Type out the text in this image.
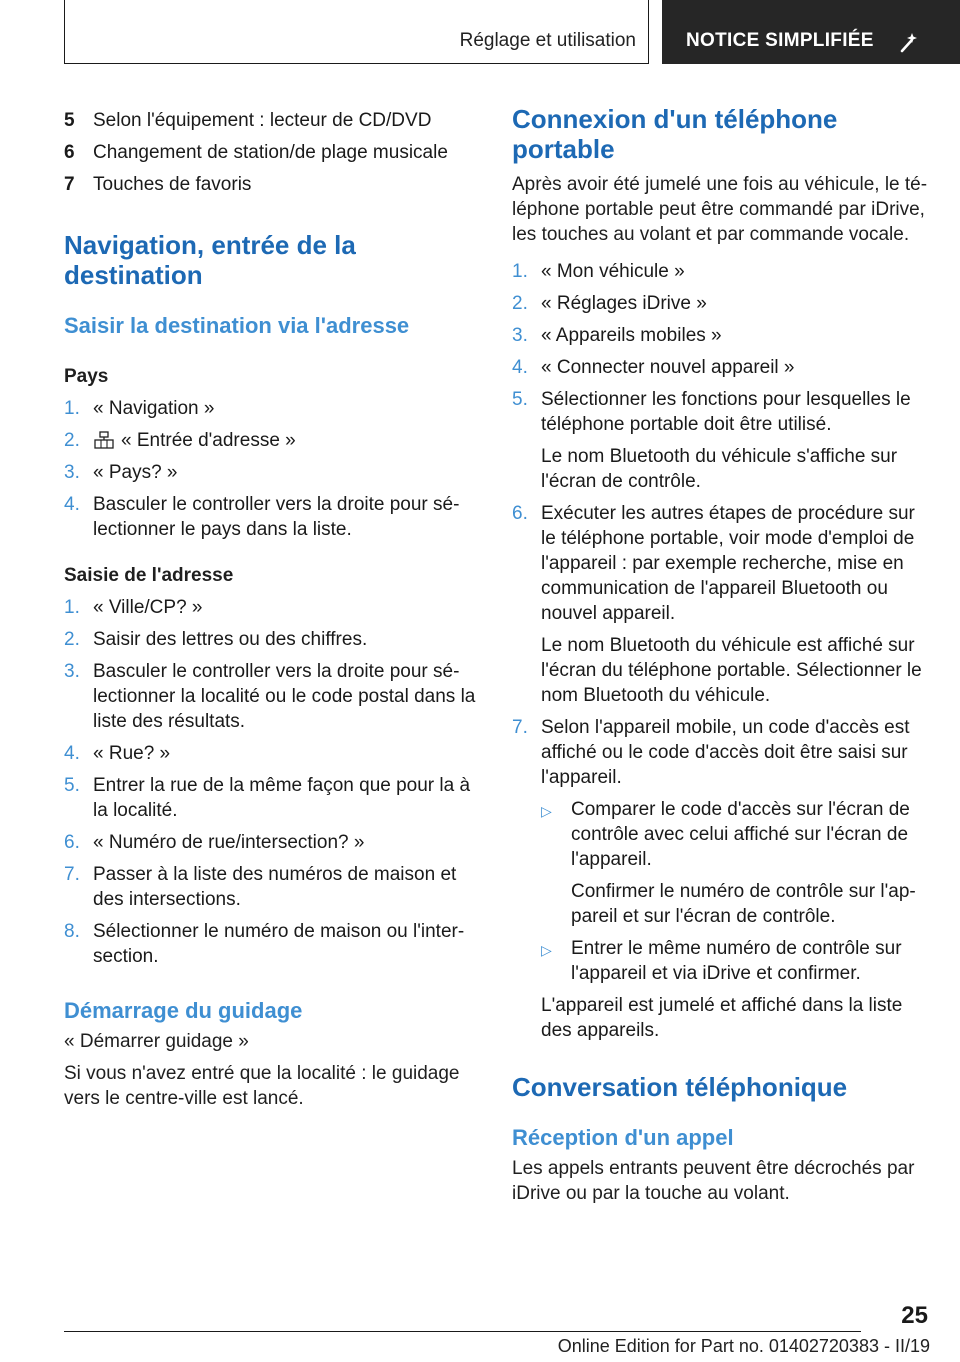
Réglage et utilisation	NOTICE SIMPLIFIÉE
5 Selon l'équipement : lecteur de CD/DVD
6 Changement de station/de plage musicale
7 Touches de favoris
Navigation, entrée de la destination
Saisir la destination via l'adresse
Pays
1. « Navigation »
2.	« Entrée d'adresse »
3. « Pays? »
4. Basculer le controller vers la droite pour sélectionner le pays dans la liste.
Saisie de l'adresse
1. « Ville/CP? »
2. Saisir des lettres ou des chiffres.
3. Basculer le controller vers la droite pour sélectionner la localité ou le code postal dans la liste des résultats.
4. « Rue? »
5. Entrer la rue de la même façon que pour la à la localité.
6. « Numéro de rue/intersection? »
7. Passer à la liste des numéros de maison et des intersections.
8. Sélectionner le numéro de maison ou l'intersection.
Démarrage du guidage
« Démarrer guidage »
Si vous n'avez entré que la localité : le guidage vers le centre-ville est lancé.
Connexion d'un téléphone portable
Après avoir été jumelé une fois au véhicule, le téléphone portable peut être commandé par iDrive, les touches au volant et par commande vocale.
1. « Mon véhicule »
2. « Réglages iDrive »
3. « Appareils mobiles »
4. « Connecter nouvel appareil »
5. Sélectionner les fonctions pour lesquelles le téléphone portable doit être utilisé.
Le nom Bluetooth du véhicule s'affiche sur l'écran de contrôle.
6. Exécuter les autres étapes de procédure sur le téléphone portable, voir mode d'emploi de l'appareil : par exemple recherche, mise en communication de l'appareil Bluetooth ou nouvel appareil.
Le nom Bluetooth du véhicule est affiché sur l'écran du téléphone portable. Sélectionner le nom Bluetooth du véhicule.
7. Selon l'appareil mobile, un code d'accès est affiché ou le code d'accès doit être saisi sur l'appareil.
▷	Comparer le code d'accès sur l'écran de contrôle avec celui affiché sur l'écran de l'appareil.
Confirmer le numéro de contrôle sur l'appareil et sur l'écran de contrôle.
▷	Entrer le même numéro de contrôle sur l'appareil et via iDrive et confirmer.
L'appareil est jumelé et affiché dans la liste des appareils.
Conversation téléphonique
Réception d'un appel
Les appels entrants peuvent être décrochés par iDrive ou par la touche au volant.
25
Online Edition for Part no. 01402720383 - II/19
